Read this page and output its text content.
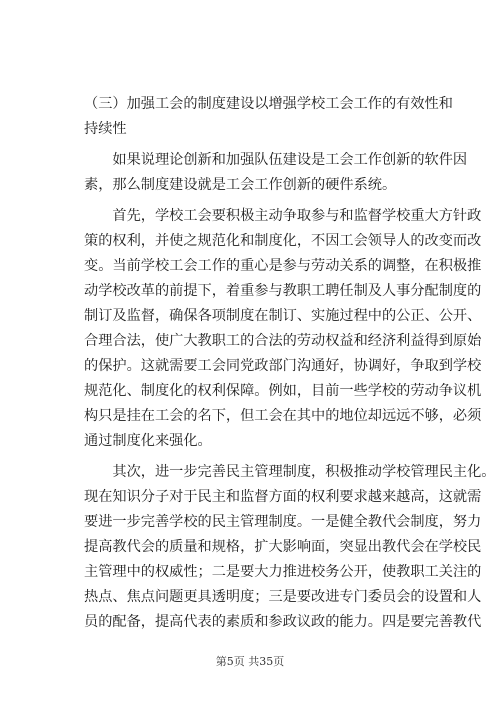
（三）加强工会的制度建设以增强学校工会工作的有效性和
持续性
　　如果说理论创新和加强队伍建设是工会工作创新的软件因
素，那么制度建设就是工会工作创新的硬件系统。
　　首先，学校工会要积极主动争取参与和监督学校重大方针政
策的权利，并使之规范化和制度化，不因工会领导人的改变而改
变。当前学校工会工作的重心是参与劳动关系的调整，在积极推
动学校改革的前提下，着重参与教职工聘任制及人事分配制度的
制订及监督，确保各项制度在制订、实施过程中的公正、公开、
合理合法，使广大教职工的合法的劳动权益和经济利益得到原始
的保护。这就需要工会同党政部门沟通好，协调好，争取到学校
规范化、制度化的权利保障。例如，目前一些学校的劳动争议机
构只是挂在工会的名下，但工会在其中的地位却远远不够，必须
通过制度化来强化。
　　其次，进一步完善民主管理制度，积极推动学校管理民主化。
现在知识分子对于民主和监督方面的权利要求越来越高，这就需
要进一步完善学校的民主管理制度。一是健全教代会制度，努力
提高教代会的质量和规格，扩大影响面，突显出教代会在学校民
主管理中的权威性；二是要大力推进校务公开，使教职工关注的
热点、焦点问题更具透明度；三是要改进专门委员会的设置和人
员的配备，提高代表的素质和参政议政的能力。四是要完善教代
第5页 共35页
